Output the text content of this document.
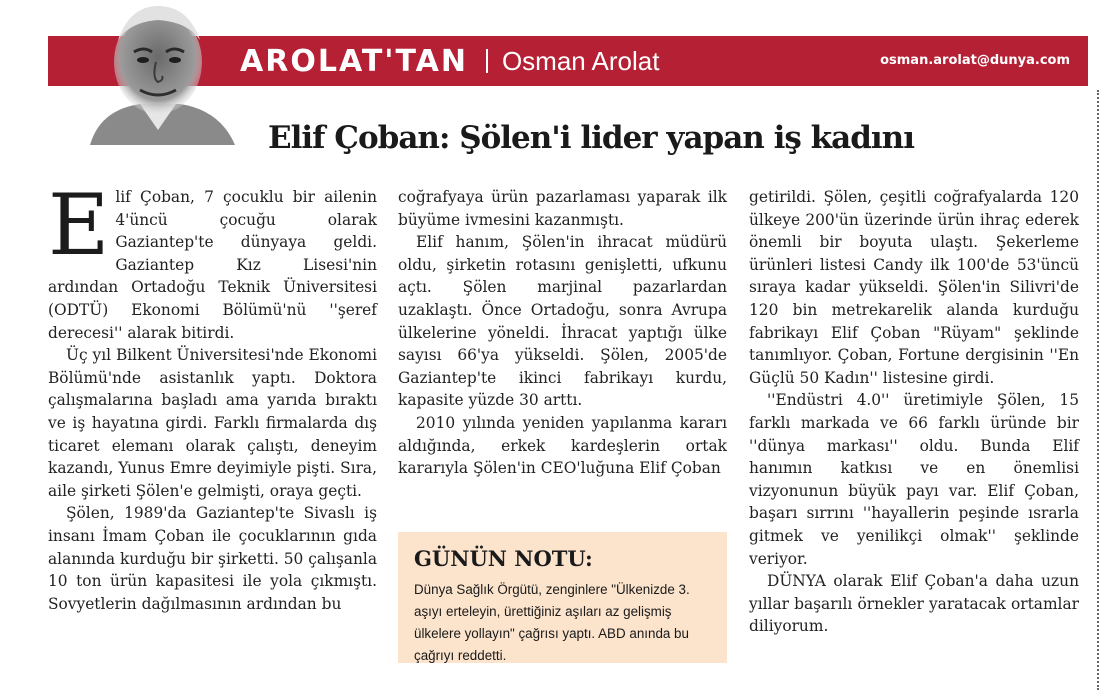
AROLAT'TAN Osman Arolat	osman.arolat@dunya.com
Elif Çoban: Şölen'i lider yapan iş kadını
E lif Çoban, 7 çocuklu bir ailenin 4'üncü çocuğu olarak Gaziantep'te dünyaya geldi. Gaziantep Kız Lisesi'nin ardından Ortadoğu Teknik Üniversitesi (ODTÜ) Ekonomi Bölümü'nü ''şeref derecesi'' alarak bitirdi.

Üç yıl Bilkent Üniversitesi'nde Ekonomi Bölümü'nde asistanlık yaptı. Doktora çalışmalarına başladı ama yarıda bıraktı ve iş hayatına girdi. Farklı firmalarda dış ticaret elemanı olarak çalıştı, deneyim kazandı, Yunus Emre deyimiyle pişti. Sıra, aile şirketi Şölen'e gelmişti, oraya geçti.

Şölen, 1989'da Gaziantep'te Sivaslı iş insanı İmam Çoban ile çocuklarının gıda alanında kurduğu bir şirketti. 50 çalışanla 10 ton ürün kapasitesi ile yola çıkmıştı. Sovyetlerin dağılmasının ardından bu

coğrafyaya ürün pazarlaması yaparak ilk büyüme ivmesini kazanmıştı.

Elif hanım, Şölen'in ihracat müdürü oldu, şirketin rotasını genişletti, ufkunu açtı. Şölen marjinal pazarlardan uzaklaştı. Önce Ortadoğu, sonra Avrupa ülkelerine yöneldi. İhracat yaptığı ülke sayısı 66'ya yükseldi. Şölen, 2005'de Gaziantep'te ikinci fabrikayı kurdu, kapasite yüzde 30 arttı.

2010 yılında yeniden yapılanma kararı aldığında, erkek kardeşlerin ortak kararıyla Şölen'in CEO'luğuna Elif Çoban

GÜNÜN NOTU:
Dünya Sağlık Örgütü, zenginlere "Ülkenizde 3. aşıyı erteleyin, ürettiğiniz aşıları az gelişmiş ülkelere yollayın" çağrısı yaptı. ABD anında bu çağrıyı reddetti.

getirildi. Şölen, çeşitli coğrafyalarda 120 ülkeye 200'ün üzerinde ürün ihraç ederek önemli bir boyuta ulaştı. Şekerleme ürünleri listesi Candy ilk 100'de 53'üncü sıraya kadar yükseldi. Şölen'in Silivri'de 120 bin metrekarelik alanda kurduğu fabrikayı Elif Çoban "Rüyam" şeklinde tanımlıyor. Çoban, Fortune dergisinin ''En Güçlü 50 Kadın'' listesine girdi.

''Endüstri 4.0'' üretimiyle Şölen, 15 farklı markada ve 66 farklı üründe bir ''dünya markası'' oldu. Bunda Elif hanımın katkısı ve en önemlisi vizyonunun büyük payı var. Elif Çoban, başarı sırrını ''hayallerin peşinde ısrarla gitmek ve yenilikçi olmak'' şeklinde veriyor.

DÜNYA olarak Elif Çoban'a daha uzun yıllar başarılı örnekler yaratacak ortamlar diliyorum.
